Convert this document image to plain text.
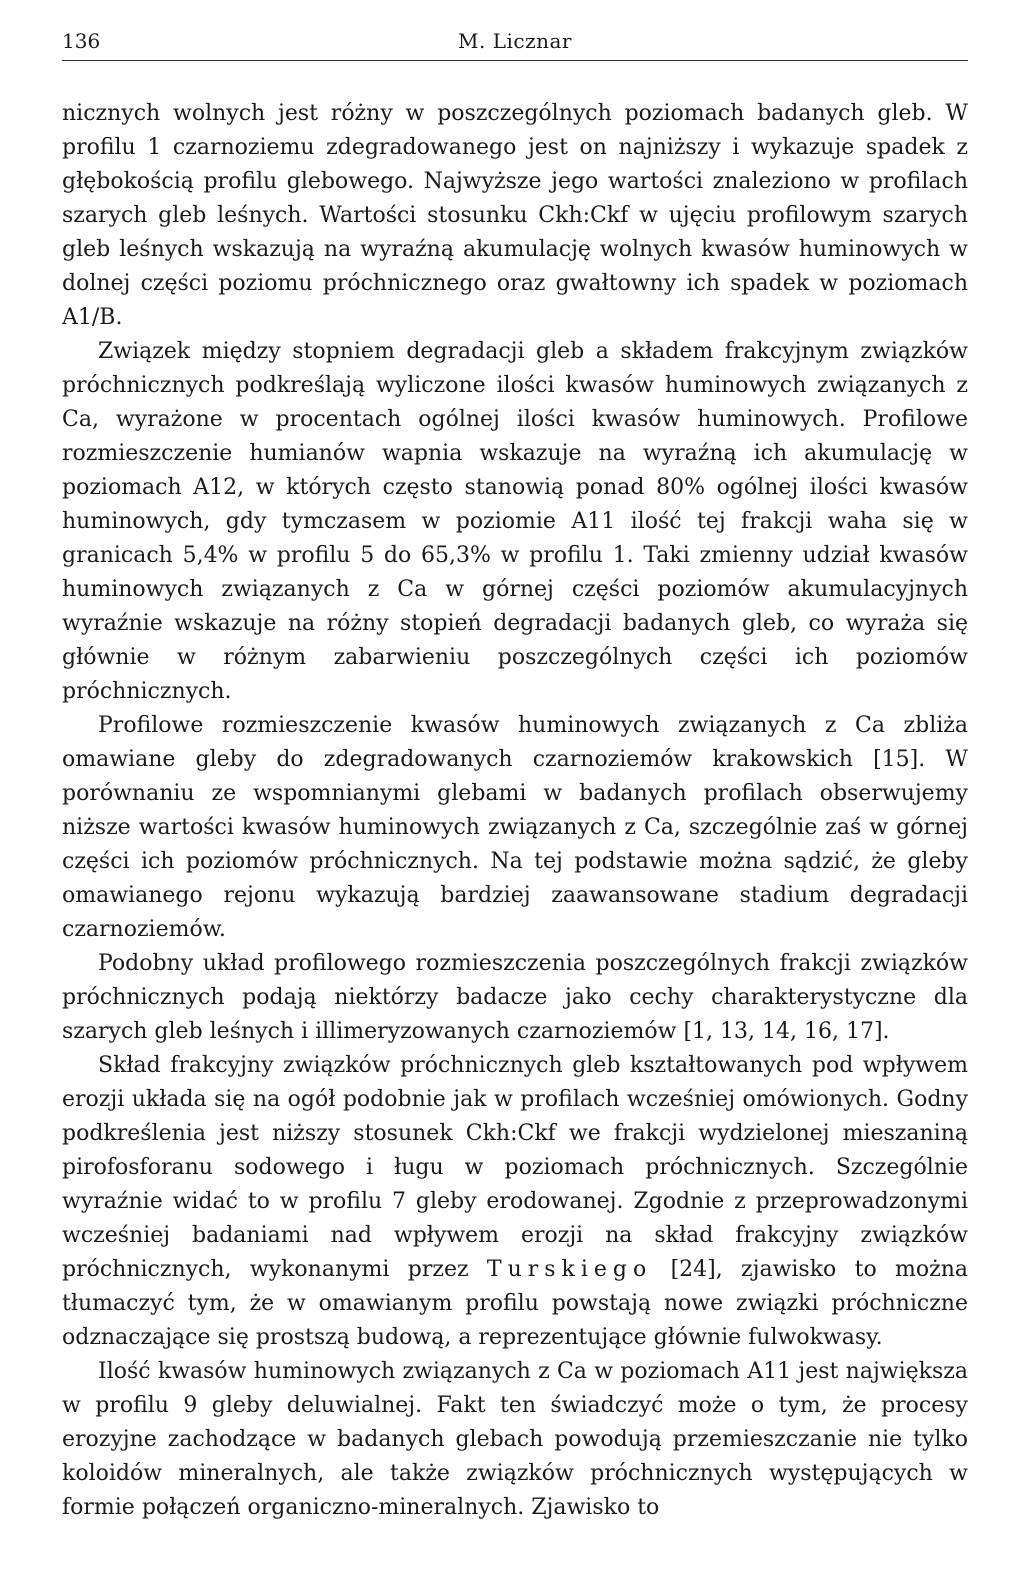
136	M. Licznar

nicznych wolnych jest różny w poszczególnych poziomach badanych gleb. W profilu 1 czarnoziemu zdegradowanego jest on najniższy i wykazuje spadek z głębokością profilu glebowego. Najwyższe jego wartości znaleziono w profilach szarych gleb leśnych. Wartości stosunku Ckh:Ckf w ujęciu profilowym szarych gleb leśnych wskazują na wyraźną akumulację wolnych kwasów huminowych w dolnej części poziomu próchnicznego oraz gwałtowny ich spadek w poziomach A1/B.

Związek między stopniem degradacji gleb a składem frakcyjnym związków próchnicznych podkreślają wyliczone ilości kwasów huminowych związanych z Ca, wyrażone w procentach ogólnej ilości kwasów huminowych. Profilowe rozmieszczenie humianów wapnia wskazuje na wyraźną ich akumulację w poziomach A12, w których często stanowią ponad 80% ogólnej ilości kwasów huminowych, gdy tymczasem w poziomie A11 ilość tej frakcji waha się w granicach 5,4% w profilu 5 do 65,3% w profilu 1. Taki zmienny udział kwasów huminowych związanych z Ca w górnej części poziomów akumulacyjnych wyraźnie wskazuje na różny stopień degradacji badanych gleb, co wyraża się głównie w różnym zabarwieniu poszczególnych części ich poziomów próchnicznych.

Profilowe rozmieszczenie kwasów huminowych związanych z Ca zbliża omawiane gleby do zdegradowanych czarnoziemów krakowskich [15]. W porównaniu ze wspomnianymi glebami w badanych profilach obserwujemy niższe wartości kwasów huminowych związanych z Ca, szczególnie zaś w górnej części ich poziomów próchnicznych. Na tej podstawie można sądzić, że gleby omawianego rejonu wykazują bardziej zaawansowane stadium degradacji czarnoziemów.

Podobny układ profilowego rozmieszczenia poszczególnych frakcji związków próchnicznych podają niektórzy badacze jako cechy charakterystyczne dla szarych gleb leśnych i illimeryzowanych czarnoziemów [1, 13, 14, 16, 17].

Skład frakcyjny związków próchnicznych gleb kształtowanych pod wpływem erozji układa się na ogół podobnie jak w profilach wcześniej omówionych. Godny podkreślenia jest niższy stosunek Ckh:Ckf we frakcji wydzielonej mieszaniną pirofosforanu sodowego i ługu w poziomach próchnicznych. Szczególnie wyraźnie widać to w profilu 7 gleby erodowanej. Zgodnie z przeprowadzonymi wcześniej badaniami nad wpływem erozji na skład frakcyjny związków próchnicznych, wykonanymi przez Turskiego [24], zjawisko to można tłumaczyć tym, że w omawianym profilu powstają nowe związki próchniczne odznaczające się prostszą budową, a reprezentujące głównie fulwokwasy.

Ilość kwasów huminowych związanych z Ca w poziomach A11 jest największa w profilu 9 gleby deluwialnej. Fakt ten świadczyć może o tym, że procesy erozyjne zachodzące w badanych glebach powodują przemieszczanie nie tylko koloidów mineralnych, ale także związków próchnicznych występujących w formie połączeń organiczno-mineralnych. Zjawisko to
